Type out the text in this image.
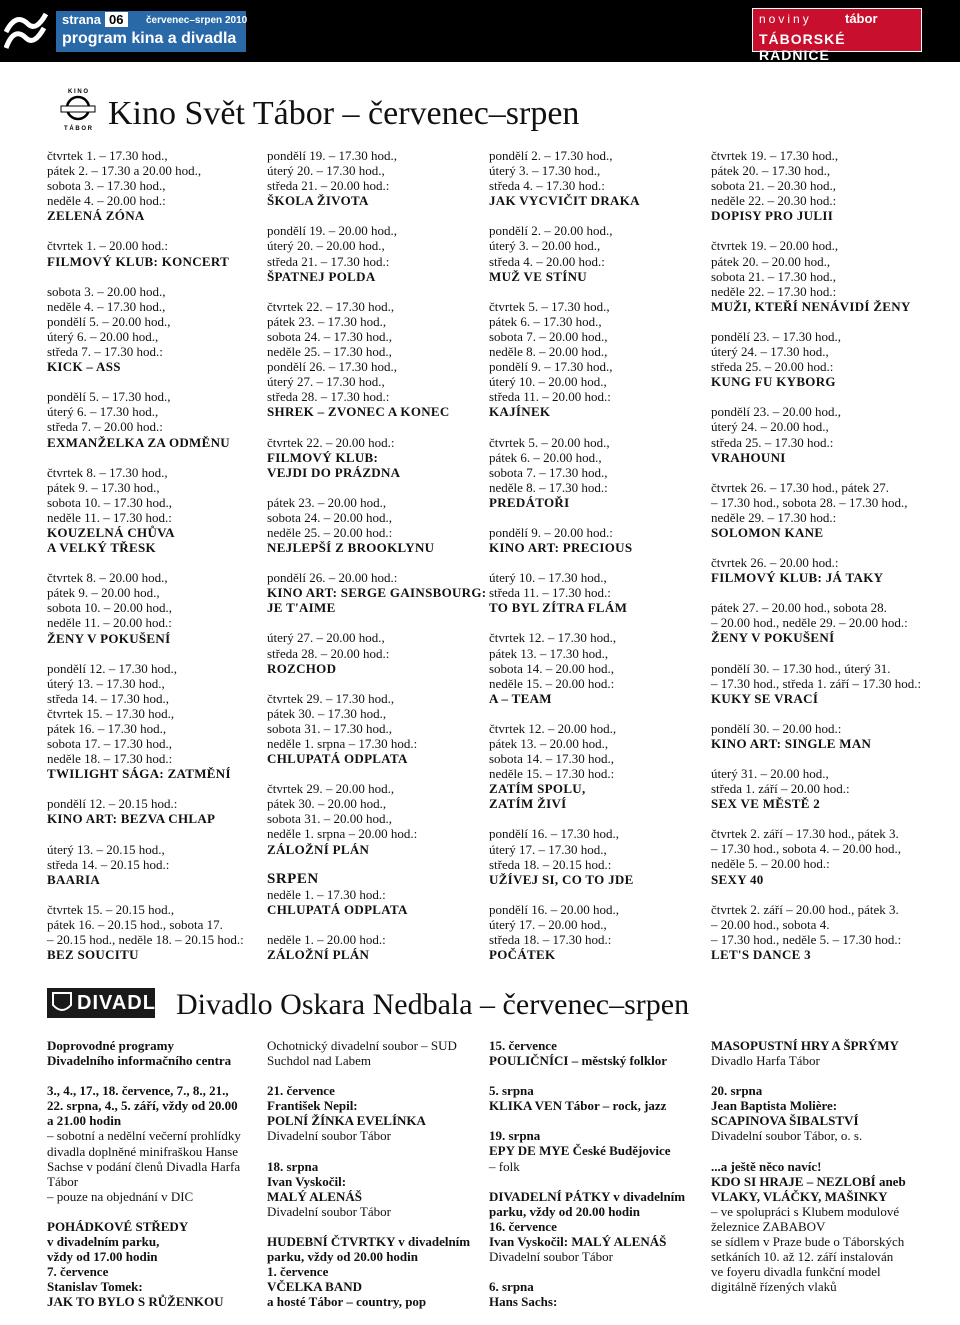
strana 06	červenec–srpen 2010
program kina a divadla
noviny	tábor
TÁBORSKÉ RADNICE
K I N O
T Á B O R Kino Svět Tábor – červenec–srpen
čtvrtek 1. – 17.30 hod.,
pátek 2. – 17.30 a 20.00 hod.,
sobota 3. – 17.30 hod.,
neděle 4. – 20.00 hod.:
ZELENÁ ZÓNA
čtvrtek 1. – 20.00 hod.:
FILMOVÝ KLUB: KONCERT
sobota 3. – 20.00 hod.,
neděle 4. – 17.30 hod.,
pondělí 5. – 20.00 hod.,
úterý 6. – 20.00 hod.,
středa 7. – 17.30 hod.:
KICK – ASS
pondělí 5. – 17.30 hod.,
úterý 6. – 17.30 hod.,
středa 7. – 20.00 hod.:
EXMANŽELKA ZA ODMĚNU
čtvrtek 8. – 17.30 hod.,
pátek 9. – 17.30 hod.,
sobota 10. – 17.30 hod.,
neděle 11. – 17.30 hod.:
KOUZELNÁ CHŮVA
A VELKÝ TŘESK
čtvrtek 8. – 20.00 hod.,
pátek 9. – 20.00 hod.,
sobota 10. – 20.00 hod.,
neděle 11. – 20.00 hod.:
ŽENY V POKUŠENÍ
pondělí 12. – 17.30 hod.,
úterý 13. – 17.30 hod.,
středa 14. – 17.30 hod.,
čtvrtek 15. – 17.30 hod.,
pátek 16. – 17.30 hod.,
sobota 17. – 17.30 hod.,
neděle 18. – 17.30 hod.:
TWILIGHT SÁGA: ZATMĚNÍ
pondělí 12. – 20.15 hod.:
KINO ART: BEZVA CHLAP
úterý 13. – 20.15 hod.,
středa 14. – 20.15 hod.:
BAARIA
čtvrtek 15. – 20.15 hod.,
pátek 16. – 20.15 hod., sobota 17.
– 20.15 hod., neděle 18. – 20.15 hod.:
BEZ SOUCITU
pondělí 19. – 17.30 hod.,
úterý 20. – 17.30 hod.,
středa 21. – 20.00 hod.:
ŠKOLA ŽIVOTA
pondělí 19. – 20.00 hod.,
úterý 20. – 20.00 hod.,
středa 21. – 17.30 hod.:
ŠPATNEJ POLDA
čtvrtek 22. – 17.30 hod.,
pátek 23. – 17.30 hod.,
sobota 24. – 17.30 hod.,
neděle 25. – 17.30 hod.,
pondělí 26. – 17.30 hod.,
úterý 27. – 17.30 hod.,
středa 28. – 17.30 hod.:
SHREK – ZVONEC A KONEC
čtvrtek 22. – 20.00 hod.:
FILMOVÝ KLUB:
VEJDI DO PRÁZDNA
pátek 23. – 20.00 hod.,
sobota 24. – 20.00 hod.,
neděle 25. – 20.00 hod.:
NEJLEPŠÍ Z BROOKLYNU
pondělí 26. – 20.00 hod.:
KINO ART: SERGE GAINSBOURG:
JE T'AIME
úterý 27. – 20.00 hod.,
středa 28. – 20.00 hod.:
ROZCHOD
čtvrtek 29. – 17.30 hod.,
pátek 30. – 17.30 hod.,
sobota 31. – 17.30 hod.,
neděle 1. srpna – 17.30 hod.:
CHLUPATÁ ODPLATA
čtvrtek 29. – 20.00 hod.,
pátek 30. – 20.00 hod.,
sobota 31. – 20.00 hod.,
neděle 1. srpna – 20.00 hod.:
ZÁLOŽNÍ PLÁN
SRPEN
neděle 1. – 17.30 hod.:
CHLUPATÁ ODPLATA
neděle 1. – 20.00 hod.:
ZÁLOŽNÍ PLÁN
pondělí 2. – 17.30 hod.,
úterý 3. – 17.30 hod.,
středa 4. – 17.30 hod.:
JAK VYCVIČIT DRAKA
pondělí 2. – 20.00 hod.,
úterý 3. – 20.00 hod.,
středa 4. – 20.00 hod.:
MUŽ VE STÍNU
čtvrtek 5. – 17.30 hod.,
pátek 6. – 17.30 hod.,
sobota 7. – 20.00 hod.,
neděle 8. – 20.00 hod.,
pondělí 9. – 17.30 hod.,
úterý 10. – 20.00 hod.,
středa 11. – 20.00 hod.:
KAJÍNEK
čtvrtek 5. – 20.00 hod.,
pátek 6. – 20.00 hod.,
sobota 7. – 17.30 hod.,
neděle 8. – 17.30 hod.:
PREDÁTOŘI
pondělí 9. – 20.00 hod.:
KINO ART: PRECIOUS
úterý 10. – 17.30 hod.,
středa 11. – 17.30 hod.:
TO BYL ZÍTRA FLÁM
čtvrtek 12. – 17.30 hod.,
pátek 13. – 17.30 hod.,
sobota 14. – 20.00 hod.,
neděle 15. – 20.00 hod.:
A – TEAM
čtvrtek 12. – 20.00 hod.,
pátek 13. – 20.00 hod.,
sobota 14. – 17.30 hod.,
neděle 15. – 17.30 hod.:
ZATÍM SPOLU,
ZATÍM ŽIVÍ
pondělí 16. – 17.30 hod.,
úterý 17. – 17.30 hod.,
středa 18. – 20.15 hod.:
UŽÍVEJ SI, CO TO JDE
pondělí 16. – 20.00 hod.,
úterý 17. – 20.00 hod.,
středa 18. – 17.30 hod.:
POČÁTEK
čtvrtek 19. – 17.30 hod.,
pátek 20. – 17.30 hod.,
sobota 21. – 20.30 hod.,
neděle 22. – 20.30 hod.:
DOPISY PRO JULII
čtvrtek 19. – 20.00 hod.,
pátek 20. – 20.00 hod.,
sobota 21. – 17.30 hod.,
neděle 22. – 17.30 hod.:
MUŽI, KTEŘÍ NENÁVIDÍ ŽENY
pondělí 23. – 17.30 hod.,
úterý 24. – 17.30 hod.,
středa 25. – 20.00 hod.:
KUNG FU KYBORG
pondělí 23. – 20.00 hod.,
úterý 24. – 20.00 hod.,
středa 25. – 17.30 hod.:
VRAHOUNI
čtvrtek 26. – 17.30 hod., pátek 27.
– 17.30 hod., sobota 28. – 17.30 hod.,
neděle 29. – 17.30 hod.:
SOLOMON KANE
čtvrtek 26. – 20.00 hod.:
FILMOVÝ KLUB: JÁ TAKY
pátek 27. – 20.00 hod., sobota 28.
– 20.00 hod., neděle 29. – 20.00 hod.:
ŽENY V POKUŠENÍ
pondělí 30. – 17.30 hod., úterý 31.
– 17.30 hod., středa 1. září – 17.30 hod.:
KUKY SE VRACÍ
pondělí 30. – 20.00 hod.:
KINO ART: SINGLE MAN
úterý 31. – 20.00 hod.,
středa 1. září – 20.00 hod.:
SEX VE MĚSTĚ 2
čtvrtek 2. září – 17.30 hod., pátek 3.
– 17.30 hod., sobota 4. – 20.00 hod.,
neděle 5. – 20.00 hod.:
SEXY 40
čtvrtek 2. září – 20.00 hod., pátek 3.
– 20.00 hod., sobota 4.
– 17.30 hod., neděle 5. – 17.30 hod.:
LET'S DANCE 3
DIVADLO Divadlo Oskara Nedbala – červenec–srpen
Doprovodné programy
Divadelního informačního centra
3., 4., 17., 18. července, 7., 8., 21.,
22. srpna, 4., 5. září, vždy od 20.00
a 21.00 hodin
– sobotní a nedělní večerní prohlídky
divadla doplněné minifraškou Hanse
Sachse v podání členů Divadla Harfa
Tábor
– pouze na objednání v DIC
POHÁDKOVÉ STŘEDY
v divadelním parku,
vždy od 17.00 hodin
7. července
Stanislav Tomek:
JAK TO BYLO S RŮŽENKOU
Ochotnický divadelní soubor – SUD
Suchdol nad Labem
21. července
František Nepil:
POLNÍ ŽÍNKA EVELÍNKA
Divadelní soubor Tábor
18. srpna
Ivan Vyskočil:
MALÝ ALENÁŠ
Divadelní soubor Tábor
HUDEBNÍ ČTVRTKY v divadelním
parku, vždy od 20.00 hodin
1. července
VČELKA BAND
a hosté Tábor – country, pop
15. července
POULIČNÍCI – městský folklor
5. srpna
KLIKA VEN Tábor – rock, jazz
19. srpna
EPY DE MYE České Budějovice
– folk
DIVADELNÍ PÁTKY v divadelním
parku, vždy od 20.00 hodin
16. července
Ivan Vyskočil: MALÝ ALENÁŠ
Divadelní soubor Tábor
6. srpna
Hans Sachs:
MASOPUSTNÍ HRY A ŠPRÝMY
Divadlo Harfa Tábor
20. srpna
Jean Baptista Molière:
SCAPINOVA ŠIBALSTVÍ
Divadelní soubor Tábor, o. s.
...a ještě něco navíc!
KDO SI HRAJE – NEZLOBÍ aneb
VLAKY, VLÁČKY, MAŠINKY
– ve spolupráci s Klubem modulové
železnice ZABABOV
se sídlem v Praze bude o Táborských
setkáních 10. až 12. září instalován
ve foyeru divadla funkční model
digitálně řízených vlaků
